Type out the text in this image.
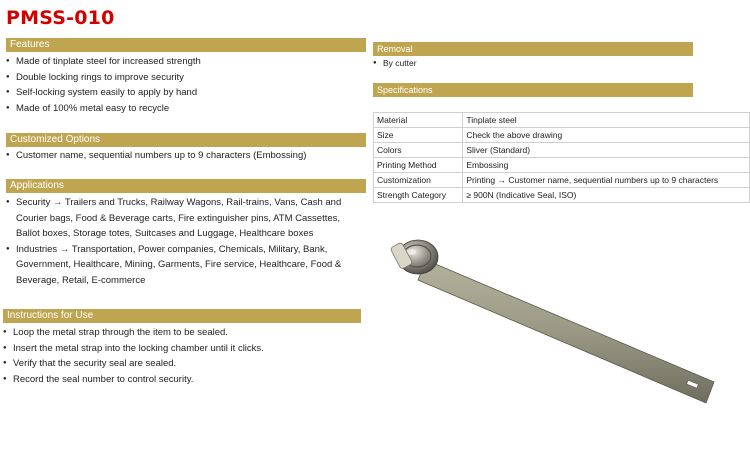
PMSS-010
Features
● Made of tinplate steel for increased strength
● Double locking rings to improve security
● Self-locking system easily to apply by hand
● Made of 100% metal easy to recycle
Customized Options
● Customer name, sequential numbers up to 9 characters (Embossing)
Applications
● Security → Trailers and Trucks, Railway Wagons, Rail-trains, Vans, Cash and Courier bags, Food & Beverage carts, Fire extinguisher pins, ATM Cassettes, Ballot boxes, Storage totes, Suitcases and Luggage, Healthcare boxes
● Industries → Transportation, Power companies, Chemicals, Military, Bank, Government, Healthcare, Mining, Garments, Fire service, Healthcare, Food & Beverage, Retail, E-commerce
Instructions for Use
● Loop the metal strap through the item to be sealed.
● Insert the metal strap into the locking chamber until it clicks.
● Verify that the security seal are sealed.
● Record the seal number to control security.
Removal
● By cutter
Specifications
Material	Tinplate steel
Size	Check the above drawing
Colors	Sliver (Standard)
Printing Method	Embossing
Customization	Printing → Customer name, sequential numbers up to 9 characters
Strength Category	≥ 900N (Indicative Seal, ISO)
